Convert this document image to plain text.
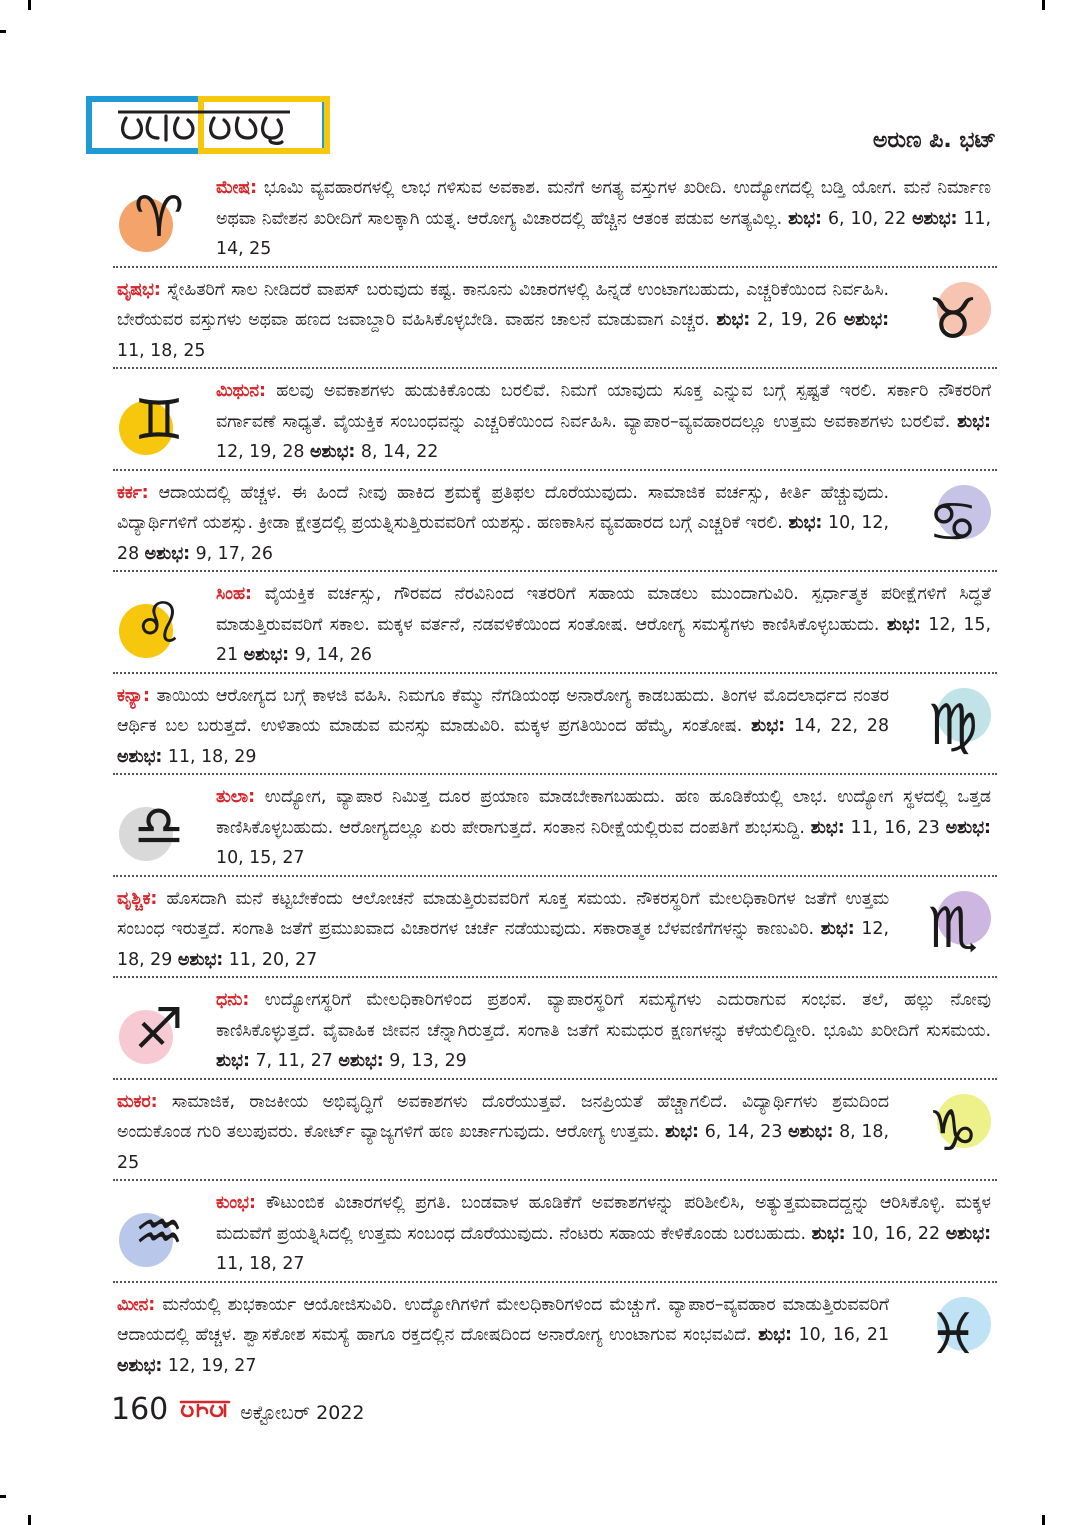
ಅರುಣ ಪಿ. ಭಟ್
♈ ಮೇಷ: ಭೂಮಿ ವ್ಯವಹಾರಗಳಲ್ಲಿ ಲಾಭ ಗಳಿಸುವ ಅವಕಾಶ. ಮನೆಗೆ ಅಗತ್ಯ ವಸ್ತುಗಳ ಖರೀದಿ. ಉದ್ಯೋಗದಲ್ಲಿ ಬಡ್ತಿ ಯೋಗ. ಮನೆ ನಿರ್ಮಾಣ ಅಥವಾ ನಿವೇಶನ ಖರೀದಿಗೆ ಸಾಲಕ್ಕಾಗಿ ಯತ್ನ. ಆರೋಗ್ಯ ವಿಚಾರದಲ್ಲಿ ಹೆಚ್ಚಿನ ಆತಂಕ ಪಡುವ ಅಗತ್ಯವಿಲ್ಲ. ಶುಭ: 6, 10, 22 ಅಶುಭ: 11, 14, 25
♉
ವೃಷಭ: ಸ್ನೇಹಿತರಿಗೆ ಸಾಲ ನೀಡಿದರೆ ವಾಪಸ್ ಬರುವುದು ಕಷ್ಟ. ಕಾನೂನು ವಿಚಾರಗಳಲ್ಲಿ ಹಿನ್ನಡೆ ಉಂಟಾಗಬಹುದು, ಎಚ್ಚರಿಕೆಯಿಂದ ನಿರ್ವಹಿಸಿ. ಬೇರೆಯವರ ವಸ್ತುಗಳು ಅಥವಾ ಹಣದ ಜವಾಬ್ದಾರಿ ವಹಿಸಿಕೊಳ್ಳಬೇಡಿ. ವಾಹನ ಚಾಲನೆ ಮಾಡುವಾಗ ಎಚ್ಚರ. ಶುಭ: 2, 19, 26 ಅಶುಭ: 11, 18, 25
♊ ಮಿಥುನ: ಹಲವು ಅವಕಾಶಗಳು ಹುಡುಕಿಕೊಂಡು ಬರಲಿವೆ. ನಿಮಗೆ ಯಾವುದು ಸೂಕ್ತ ಎನ್ನುವ ಬಗ್ಗೆ ಸ್ಪಷ್ಟತೆ ಇರಲಿ. ಸರ್ಕಾರಿ ನೌಕರರಿಗೆ ವರ್ಗಾವಣೆ ಸಾಧ್ಯತೆ. ವೈಯಕ್ತಿಕ ಸಂಬಂಧವನ್ನು ಎಚ್ಚರಿಕೆಯಿಂದ ನಿರ್ವಹಿಸಿ. ವ್ಯಾಪಾರ–ವ್ಯವಹಾರದಲ್ಲೂ ಉತ್ತಮ ಅವಕಾಶಗಳು ಬರಲಿವೆ. ಶುಭ: 12, 19, 28 ಅಶುಭ: 8, 14, 22
♋
ಕರ್ಕ: ಆದಾಯದಲ್ಲಿ ಹೆಚ್ಚಳ. ಈ ಹಿಂದೆ ನೀವು ಹಾಕಿದ ಶ್ರಮಕ್ಕೆ ಪ್ರತಿಫಲ ದೊರೆಯುವುದು. ಸಾಮಾಜಿಕ ವರ್ಚಸ್ಸು, ಕೀರ್ತಿ ಹೆಚ್ಚುವುದು. ವಿದ್ಯಾರ್ಥಿಗಳಿಗೆ ಯಶಸ್ಸು. ಕ್ರೀಡಾ ಕ್ಷೇತ್ರದಲ್ಲಿ ಪ್ರಯತ್ನಿಸುತ್ತಿರುವವರಿಗೆ ಯಶಸ್ಸು. ಹಣಕಾಸಿನ ವ್ಯವಹಾರದ ಬಗ್ಗೆ ಎಚ್ಚರಿಕೆ ಇರಲಿ. ಶುಭ: 10, 12, 28 ಅಶುಭ: 9, 17, 26
♌ ಸಿಂಹ: ವೈಯಕ್ತಿಕ ವರ್ಚಸ್ಸು, ಗೌರವದ ನೆರವಿನಿಂದ ಇತರರಿಗೆ ಸಹಾಯ ಮಾಡಲು ಮುಂದಾಗುವಿರಿ. ಸ್ಪರ್ಧಾತ್ಮಕ ಪರೀಕ್ಷೆಗಳಿಗೆ ಸಿದ್ಧತೆ ಮಾಡುತ್ತಿರುವವರಿಗೆ ಸಕಾಲ. ಮಕ್ಕಳ ವರ್ತನೆ, ನಡವಳಿಕೆಯಿಂದ ಸಂತೋಷ. ಆರೋಗ್ಯ ಸಮಸ್ಯೆಗಳು ಕಾಣಿಸಿಕೊಳ್ಳಬಹುದು. ಶುಭ: 12, 15, 21 ಅಶುಭ: 9, 14, 26
♍
ಕನ್ಯಾ: ತಾಯಿಯ ಆರೋಗ್ಯದ ಬಗ್ಗೆ ಕಾಳಜಿ ವಹಿಸಿ. ನಿಮಗೂ ಕೆಮ್ಮು ನೆಗಡಿಯಂಥ ಅನಾರೋಗ್ಯ ಕಾಡಬಹುದು. ತಿಂಗಳ ಮೊದಲಾರ್ಧದ ನಂತರ ಆರ್ಥಿಕ ಬಲ ಬರುತ್ತದೆ. ಉಳಿತಾಯ ಮಾಡುವ ಮನಸ್ಸು ಮಾಡುವಿರಿ. ಮಕ್ಕಳ ಪ್ರಗತಿಯಿಂದ ಹೆಮ್ಮೆ, ಸಂತೋಷ. ಶುಭ: 14, 22, 28 ಅಶುಭ: 11, 18, 29
♎ ತುಲಾ: ಉದ್ಯೋಗ, ವ್ಯಾಪಾರ ನಿಮಿತ್ತ ದೂರ ಪ್ರಯಾಣ ಮಾಡಬೇಕಾಗಬಹುದು. ಹಣ ಹೂಡಿಕೆಯಲ್ಲಿ ಲಾಭ. ಉದ್ಯೋಗ ಸ್ಥಳದಲ್ಲಿ ಒತ್ತಡ ಕಾಣಿಸಿಕೊಳ್ಳಬಹುದು. ಆರೋಗ್ಯದಲ್ಲೂ ಏರು ಪೇರಾಗುತ್ತದೆ. ಸಂತಾನ ನಿರೀಕ್ಷೆಯಲ್ಲಿರುವ ದಂಪತಿಗೆ ಶುಭಸುದ್ದಿ. ಶುಭ: 11, 16, 23 ಅಶುಭ: 10, 15, 27
♏
ವೃಶ್ಚಿಕ: ಹೊಸದಾಗಿ ಮನೆ ಕಟ್ಟಬೇಕೆಂದು ಆಲೋಚನೆ ಮಾಡುತ್ತಿರುವವರಿಗೆ ಸೂಕ್ತ ಸಮಯ. ನೌಕರಸ್ಥರಿಗೆ ಮೇಲಧಿಕಾರಿಗಳ ಜತೆಗೆ ಉತ್ತಮ ಸಂಬಂಧ ಇರುತ್ತದೆ. ಸಂಗಾತಿ ಜತೆಗೆ ಪ್ರಮುಖವಾದ ವಿಚಾರಗಳ ಚರ್ಚೆ ನಡೆಯುವುದು. ಸಕಾರಾತ್ಮಕ ಬೆಳವಣಿಗೆಗಳನ್ನು ಕಾಣುವಿರಿ. ಶುಭ: 12, 18, 29 ಅಶುಭ: 11, 20, 27
♐ ಧನು: ಉದ್ಯೋಗಸ್ಥರಿಗೆ ಮೇಲಧಿಕಾರಿಗಳಿಂದ ಪ್ರಶಂಸೆ. ವ್ಯಾಪಾರಸ್ಥರಿಗೆ ಸಮಸ್ಯೆಗಳು ಎದುರಾಗುವ ಸಂಭವ. ತಲೆ, ಹಲ್ಲು ನೋವು ಕಾಣಿಸಿಕೊಳ್ಳುತ್ತದೆ. ವೈವಾಹಿಕ ಜೀವನ ಚೆನ್ನಾಗಿರುತ್ತದೆ. ಸಂಗಾತಿ ಜತೆಗೆ ಸುಮಧುರ ಕ್ಷಣಗಳನ್ನು ಕಳೆಯಲಿದ್ದೀರಿ. ಭೂಮಿ ಖರೀದಿಗೆ ಸುಸಮಯ. ಶುಭ: 7, 11, 27 ಅಶುಭ: 9, 13, 29
♑
ಮಕರ: ಸಾಮಾಜಿಕ, ರಾಜಕೀಯ ಅಭಿವೃದ್ಧಿಗೆ ಅವಕಾಶಗಳು ದೊರೆಯುತ್ತವೆ. ಜನಪ್ರಿಯತೆ ಹೆಚ್ಚಾಗಲಿದೆ. ವಿದ್ಯಾರ್ಥಿಗಳು ಶ್ರಮದಿಂದ ಅಂದುಕೊಂಡ ಗುರಿ ತಲುಪುವರು. ಕೋರ್ಟ್ ವ್ಯಾಜ್ಯಗಳಿಗೆ ಹಣ ಖರ್ಚಾಗುವುದು. ಆರೋಗ್ಯ ಉತ್ತಮ. ಶುಭ: 6, 14, 23 ಅಶುಭ: 8, 18, 25
♒ ಕುಂಭ: ಕೌಟುಂಬಿಕ ವಿಚಾರಗಳಲ್ಲಿ ಪ್ರಗತಿ. ಬಂಡವಾಳ ಹೂಡಿಕೆಗೆ ಅವಕಾಶಗಳನ್ನು ಪರಿಶೀಲಿಸಿ, ಅತ್ಯುತ್ತಮವಾದದ್ದನ್ನು ಆರಿಸಿಕೊಳ್ಳಿ. ಮಕ್ಕಳ ಮದುವೆಗೆ ಪ್ರಯತ್ನಿಸಿದಲ್ಲಿ ಉತ್ತಮ ಸಂಬಂಧ ದೊರೆಯುವುದು. ನೆಂಟರು ಸಹಾಯ ಕೇಳಿಕೊಂಡು ಬರಬಹುದು. ಶುಭ: 10, 16, 22 ಅಶುಭ: 11, 18, 27
♓
ಮೀನ: ಮನೆಯಲ್ಲಿ ಶುಭಕಾರ್ಯ ಆಯೋಜಿಸುವಿರಿ. ಉದ್ಯೋಗಿಗಳಿಗೆ ಮೇಲಧಿಕಾರಿಗಳಿಂದ ಮೆಚ್ಚುಗೆ. ವ್ಯಾಪಾರ–ವ್ಯವಹಾರ ಮಾಡುತ್ತಿರುವವರಿಗೆ ಆದಾಯದಲ್ಲಿ ಹೆಚ್ಚಳ. ಶ್ವಾಸಕೋಶ ಸಮಸ್ಯೆ ಹಾಗೂ ರಕ್ತದಲ್ಲಿನ ದೋಷದಿಂದ ಅನಾರೋಗ್ಯ ಉಂಟಾಗುವ ಸಂಭವವಿದೆ. ಶುಭ: 10, 16, 21 ಅಶುಭ: 12, 19, 27
160	ಅಕ್ಟೋಬರ್ 2022
